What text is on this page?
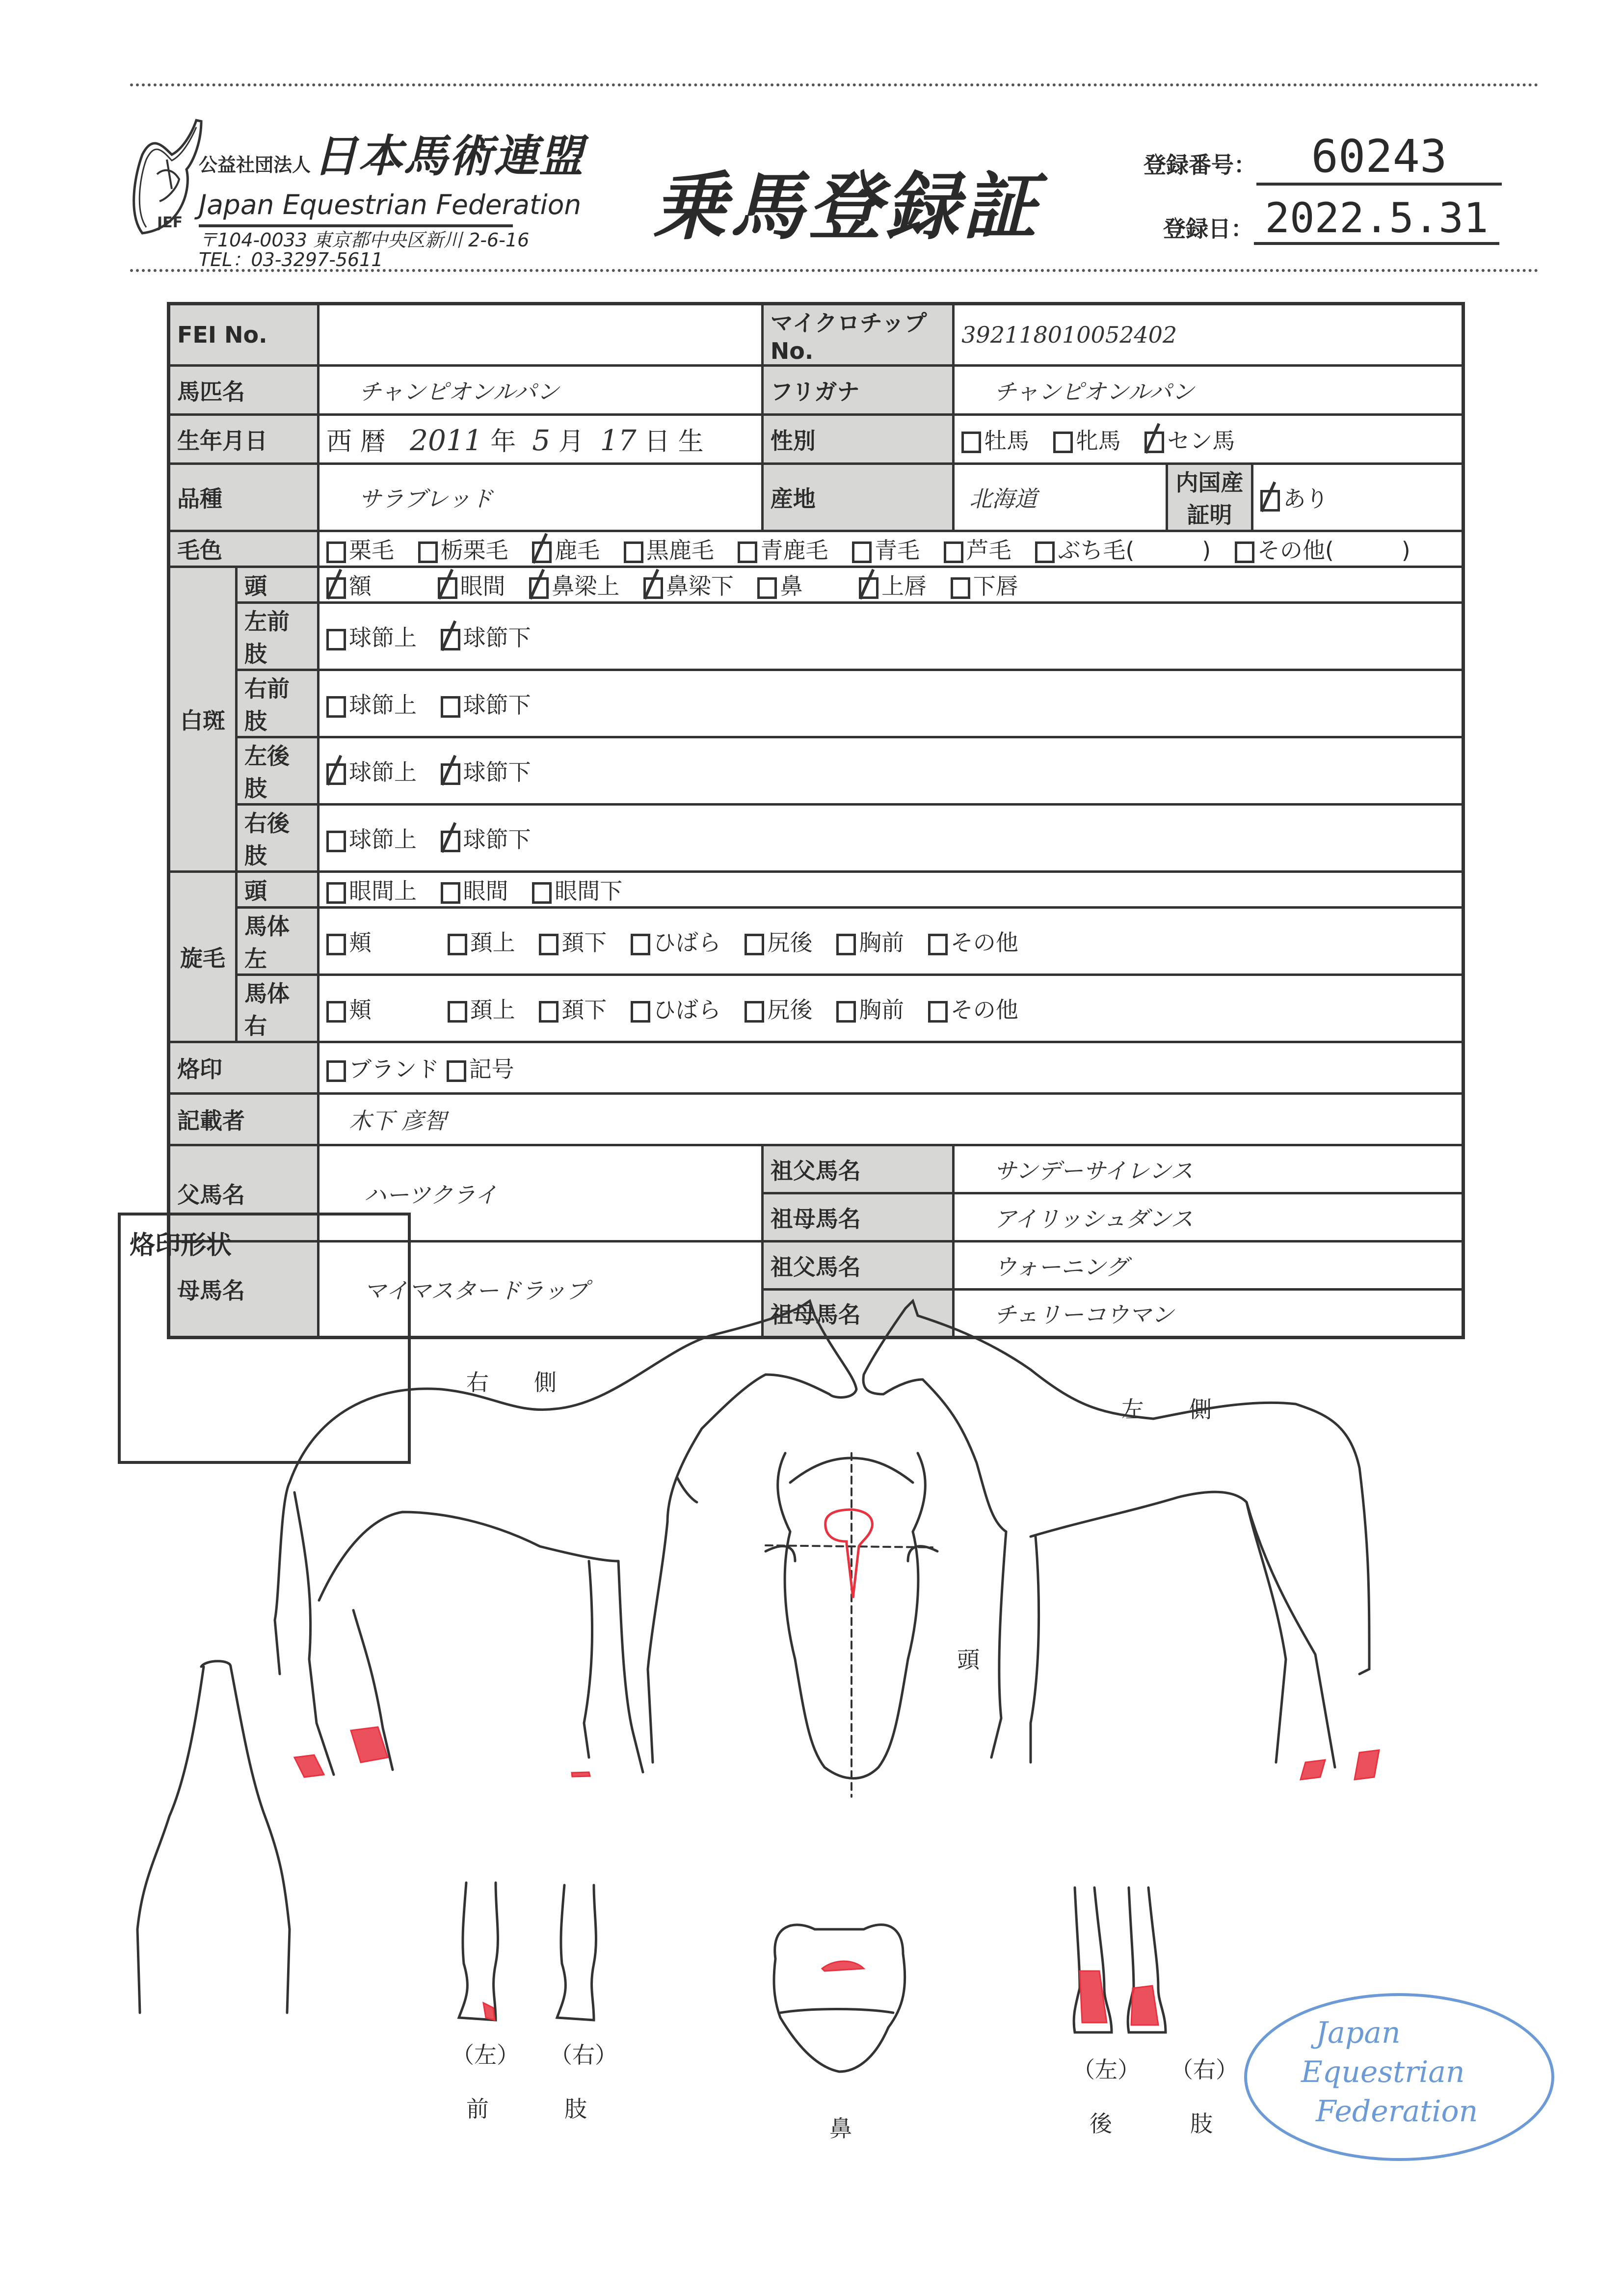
JEF
公益社団法人 日本馬術連盟
Japan Equestrian Federation
〒104-0033 東京都中央区新川 2-6-16
TEL：03-3297-5611
乗馬登録証	登録番号：	60243
登録日： 2022.5.31
FEI No.			マイクロチップNo.	392118010052402		
馬匹名		チャンピオンルパン	フリガナ	チャンピオンルパン		
生年月日		西 暦 2011 年 5 月 17 日 生	性別	牡馬 牝馬 セン馬		
品種		サラブレッド	産地	北海道	内国産証明	あり
毛色		栗毛 栃栗毛 鹿毛 黒鹿毛 青鹿毛 青毛 芦毛 ぶち毛(　　　) その他(　　　)				
白斑	頭	額 眼間 鼻梁上 鼻梁下 鼻 上唇 下唇				
	左前肢	球節上 球節下				
	右前肢	球節上 球節下				
	左後肢	球節上 球節下				
	右後肢	球節上 球節下				
旋毛	頭	眼間上 眼間 眼間下				
	馬体左	頬 頚上 頚下 ひばら 尻後 胸前 その他				
	馬体右	頬 頚上 頚下 ひばら 尻後 胸前 その他				
烙印		ブランド 記号				
記載者		木下 彦智				
父馬名		ハーツクライ	祖父馬名	サンデーサイレンス		
			祖母馬名	アイリッシュダンス		
母馬名		マイマスタードラップ	祖父馬名	ウォーニング		
			祖母馬名	チェリーコウマン		
烙印形状
右　　側
左　　側
頭
鼻
（左） （右）
前	肢
（左） （右）
後	肢
Japan
Equestrian
Federation
